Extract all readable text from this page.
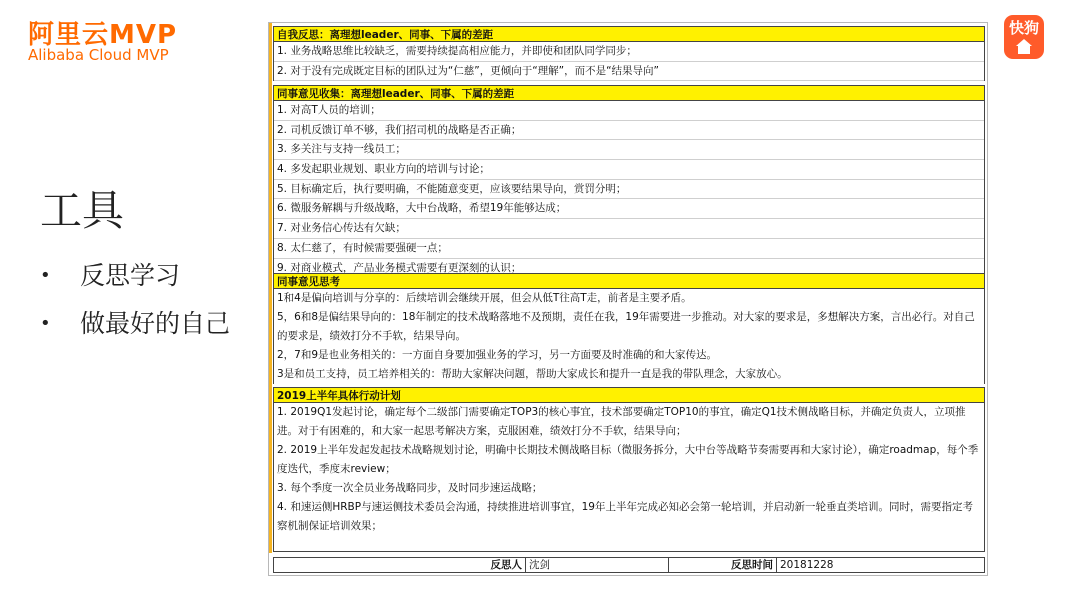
阿里云MVP
Alibaba Cloud MVP
快狗
工具
• 反思学习
• 做最好的自己
自我反思：离理想leader、同事、下属的差距
1. 业务战略思维比较缺乏，需要持续提高相应能力，并即使和团队同学同步；
2. 对于没有完成既定目标的团队过为“仁慈”，更倾向于“理解”，而不是“结果导向”
同事意见收集：离理想leader、同事、下属的差距
1. 对高T人员的培训；
2. 司机反馈订单不够，我们招司机的战略是否正确；
3. 多关注与支持一线员工；
4. 多发起职业规划、职业方向的培训与讨论；
5. 目标确定后，执行要明确，不能随意变更，应该要结果导向，赏罚分明；
6. 微服务解耦与升级战略，大中台战略，希望19年能够达成；
7. 对业务信心传达有欠缺；
8. 太仁慈了，有时候需要强硬一点；
9. 对商业模式，产品业务模式需要有更深刻的认识；
同事意见思考
1和4是偏向培训与分享的：后续培训会继续开展，但会从低T往高T走，前者是主要矛盾。
5，6和8是偏结果导向的：18年制定的技术战略落地不及预期，责任在我，19年需要进一步推动。对大家的要求是，多想解决方案，言出必行。对自己的要求是，绩效打分不手软，结果导向。
2，7和9是也业务相关的：一方面自身要加强业务的学习，另一方面要及时准确的和大家传达。
3是和员工支持，员工培养相关的：帮助大家解决问题，帮助大家成长和提升一直是我的带队理念，大家放心。
2019上半年具体行动计划
1. 2019Q1发起讨论，确定每个二级部门需要确定TOP3的核心事宜，技术部要确定TOP10的事宜，确定Q1技术侧战略目标，并确定负责人，立项推进。对于有困难的，和大家一起思考解决方案，克服困难，绩效打分不手软，结果导向；
2. 2019上半年发起发起技术战略规划讨论，明确中长期技术侧战略目标（微服务拆分，大中台等战略节奏需要再和大家讨论），确定roadmap，每个季度迭代，季度末review；
3. 每个季度一次全员业务战略同步，及时同步速运战略；
4. 和速运侧HRBP与速运侧技术委员会沟通，持续推进培训事宜，19年上半年完成必知必会第一轮培训，并启动新一轮垂直类培训。同时，需要指定考察机制保证培训效果；
反思人 沈剑	反思时间 20181228
